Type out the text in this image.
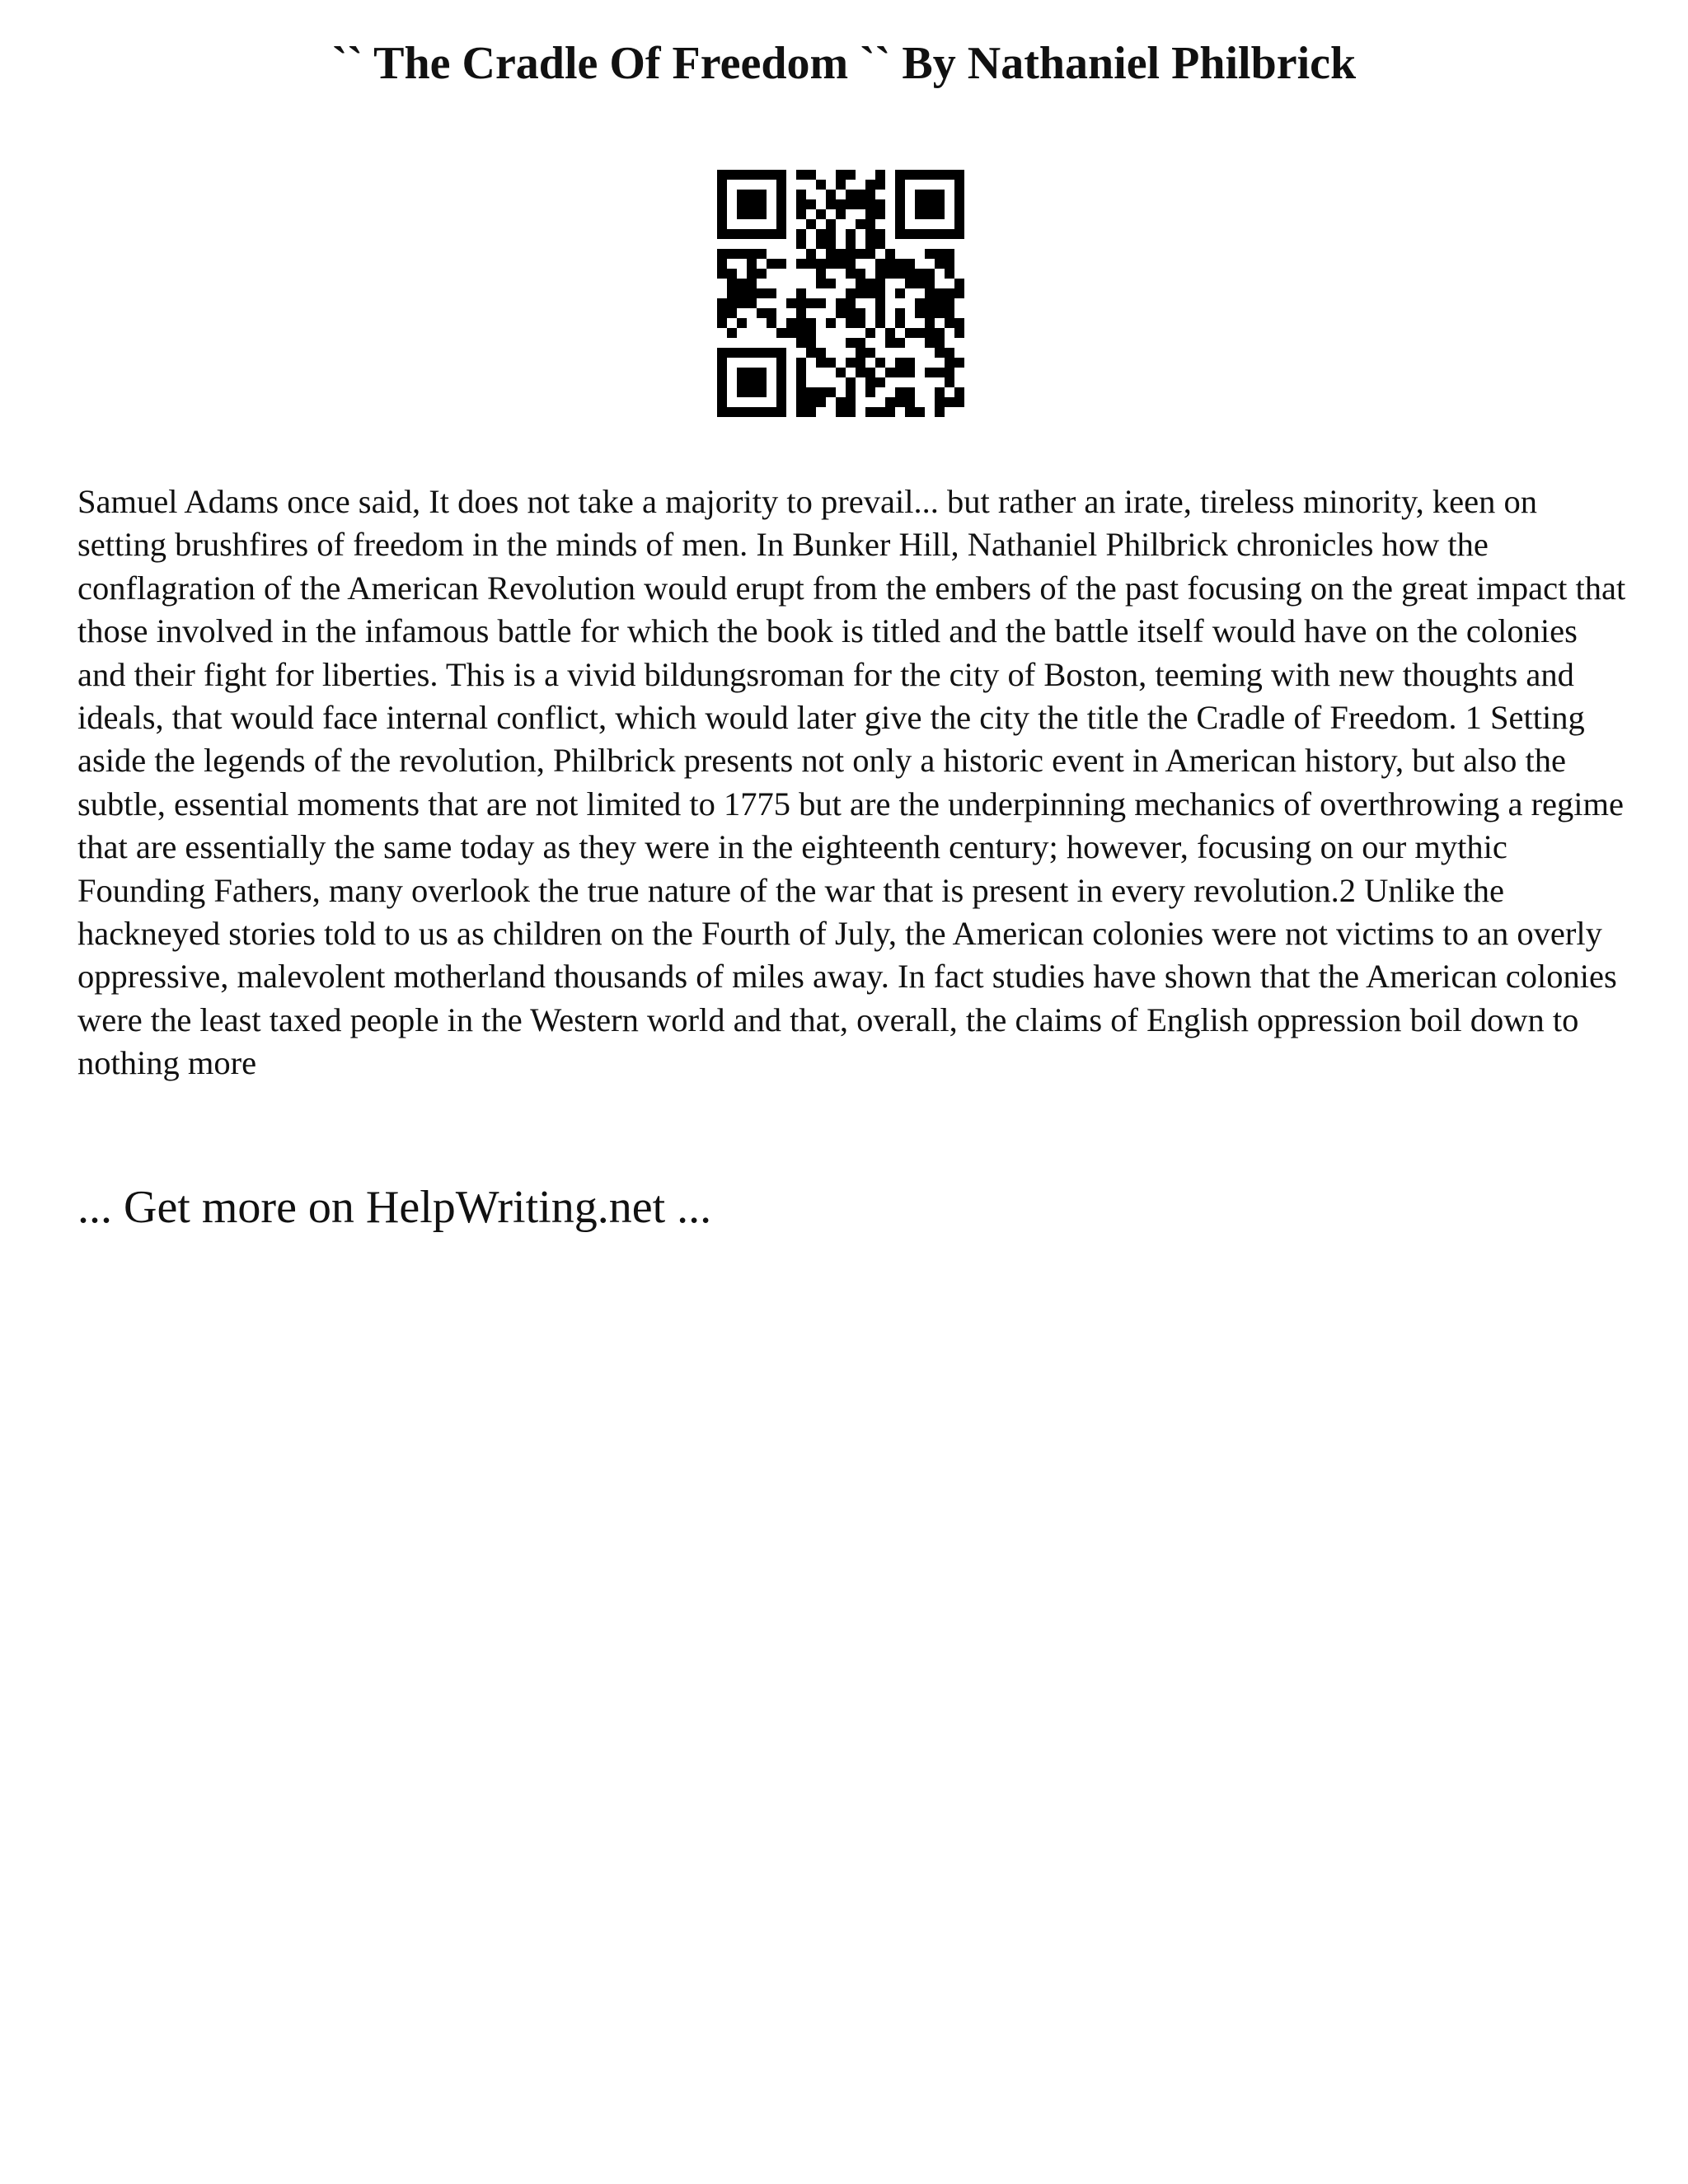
`` The Cradle Of Freedom `` By Nathaniel Philbrick

Samuel Adams once said, It does not take a majority to prevail... but rather an irate, tireless minority, keen on setting brushfires of freedom in the minds of men. In Bunker Hill, Nathaniel Philbrick chronicles how the conflagration of the American Revolution would erupt from the embers of the past focusing on the great impact that those involved in the infamous battle for which the book is titled and the battle itself would have on the colonies and their fight for liberties. This is a vivid bildungsroman for the city of Boston, teeming with new thoughts and ideals, that would face internal conflict, which would later give the city the title the Cradle of Freedom. 1 Setting aside the legends of the revolution, Philbrick presents not only a historic event in American history, but also the subtle, essential moments that are not limited to 1775 but are the underpinning mechanics of overthrowing a regime that are essentially the same today as they were in the eighteenth century; however, focusing on our mythic Founding Fathers, many overlook the true nature of the war that is present in every revolution.2 Unlike the hackneyed stories told to us as children on the Fourth of July, the American colonies were not victims to an overly oppressive, malevolent motherland thousands of miles away. In fact studies have shown that the American colonies were the least taxed people in the Western world and that, overall, the claims of English oppression boil down to nothing more

... Get more on HelpWriting.net ...
